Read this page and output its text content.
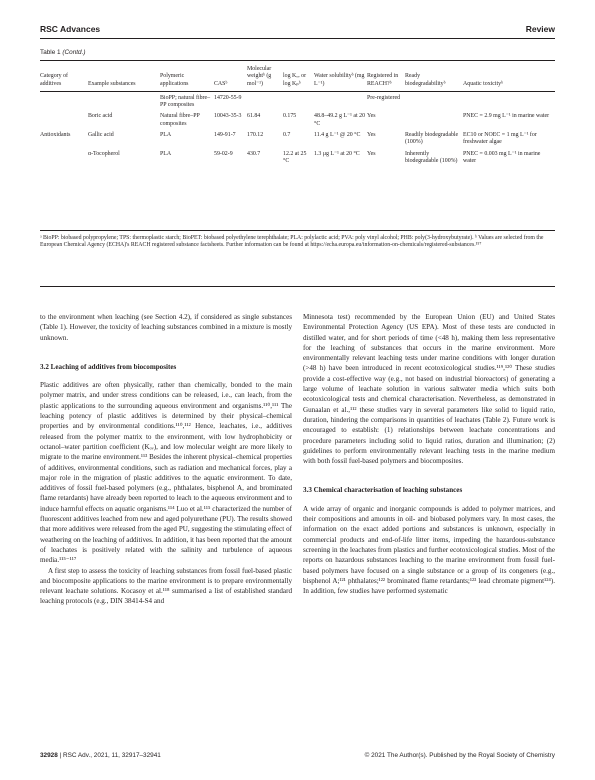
RSC Advances	Review
Table 1 (Contd.)
Category of additives	Example substances	Polymeric applications	CASᵇ	Molecular weightᵇ (g mol⁻¹)	log Kₒᵥ or log Kₚᵇ	Water solubilityᵇ (mg L⁻¹)	Registered in REACH?ᵇ	Ready biodegradabilityᵇ	Aquatic toxicityᵇ
		BioPP; natural fibre–PP composites	14720-55-9				Pre-registered		
	Boric acid	Natural fibre–PP composites	10043-35-3	61.84	0.175	48.8–49.2 g L⁻¹ at 20 °C	Yes		PNEC = 2.9 mg L⁻¹ in marine water
Antioxidants	Gallic acid	PLA	149-91-7	170.12	0.7	11.4 g L⁻¹ @ 20 °C	Yes	Readily biodegradable (100%)	EC10 or NOEC = 1 mg L⁻¹ for freshwater algae
	α-Tocopherol	PLA	59-02-9	430.7	12.2 at 25 °C	1.3 μg L⁻¹ at 20 °C	Yes	Inherently biodegradable (100%)	PNEC = 0.003 mg L⁻¹ in marine water
ᵃ BioPP: biobased polypropylene; TPS: thermoplastic starch; BioPET: biobased polyethylene terephthalate; PLA: polylactic acid; PVA: poly vinyl alcohol; PHB: poly(3-hydroxybutyrate). ᵇ Values are selected from the European Chemical Agency (ECHA)'s REACH registered substance factsheets. Further information can be found at https://echa.europa.eu/information-on-chemicals/registered-substances.¹⁵⁷

to the environment when leaching (see Section 4.2), if considered as single substances (Table 1). However, the toxicity of leaching substances combined in a mixture is mostly unknown.

3.2 Leaching of additives from biocomposites

Plastic additives are often physically, rather than chemically, bonded to the main polymer matrix, and under stress conditions can be released, i.e., can leach, from the plastic applications to the surrounding aqueous environment and organisms.¹¹⁰,¹¹¹ The leaching potency of plastic additives is determined by their physical–chemical properties and by environmental conditions.¹¹⁰,¹¹² Hence, leachates, i.e., additives released from the polymer matrix to the environment, with low hydrophobicity or octanol–water partition coefficient (Kₒᵥ), and low molecular weight are more likely to migrate to the marine environment.¹¹³ Besides the inherent physical–chemical properties of additives, environmental conditions, such as radiation and mechanical forces, play a major role in the migration of plastic additives to the aquatic environment. To date, additives of fossil fuel-based polymers (e.g., phthalates, bisphenol A, and brominated flame retardants) have already been reported to leach to the aqueous environment and to induce harmful effects on aquatic organisms.¹¹⁴ Luo et al.¹¹⁵ characterized the number of fluorescent additives leached from new and aged polyurethane (PU). The results showed that more additives were released from the aged PU, suggesting the stimulating effect of weathering on the leaching of additives. In addition, it has been reported that the amount of leachates is positively related with the salinity and turbulence of aqueous media.¹¹⁵⁻¹¹⁷

A first step to assess the toxicity of leaching substances from fossil fuel-based plastic and biocomposite applications to the marine environment is to prepare environmentally relevant leachate solutions. Kocasoy et al.¹¹⁸ summarised a list of established standard leaching protocols (e.g., DIN 38414-S4 and

Minnesota test) recommended by the European Union (EU) and United States Environmental Protection Agency (US EPA). Most of these tests are conducted in distilled water, and for short periods of time (<48 h), making them less representative for the leaching of substances that occurs in the marine environment. More environmentally relevant leaching tests under marine conditions with longer duration (>48 h) have been introduced in recent ecotoxicological studies.¹¹⁹,¹²⁰ These studies provide a cost-effective way (e.g., not based on industrial bioreactors) of generating a large volume of leachate solution in various saltwater media which suits both ecotoxicological tests and chemical characterisation. Nevertheless, as demonstrated in Gunaalan et al.,¹¹² these studies vary in several parameters like solid to liquid ratio, duration, hindering the comparisons in quantities of leachates (Table 2). Future work is encouraged to establish: (1) relationships between leachate concentrations and procedure parameters including solid to liquid ratios, duration and illumination; (2) guidelines to perform environmentally relevant leaching tests in the marine medium with both fossil fuel-based polymers and biocomposites.

3.3 Chemical characterisation of leaching substances

A wide array of organic and inorganic compounds is added to polymer matrices, and their compositions and amounts in oil- and biobased polymers vary. In most cases, the information on the exact added portions and substances is unknown, especially in commercial products and end-of-life litter items, impeding the hazardous-substance screening in the leachates from plastics and further ecotoxicological studies. Most of the reports on hazardous substances leaching to the marine environment from fossil fuel-based polymers have focused on a single substance or a group of its congeners (e.g., bisphenol A;¹²¹ phthalates;¹²² brominated flame retardants;¹²³ lead chromate pigment¹²⁴). In addition, few studies have performed systematic

32928 | RSC Adv., 2021, 11, 32917–32941	© 2021 The Author(s). Published by the Royal Society of Chemistry
